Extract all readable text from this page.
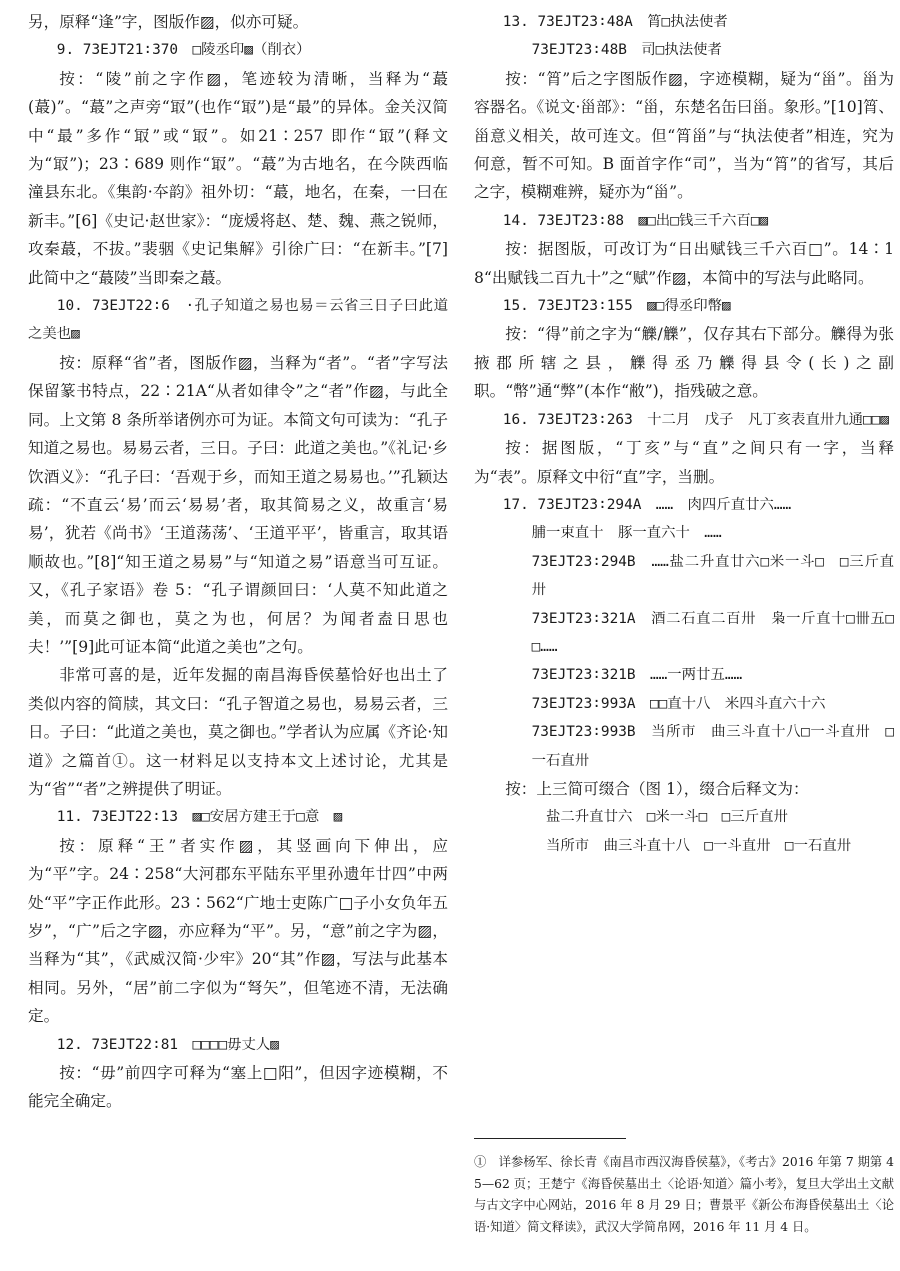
另，原释“逢”字，图版作▨，似亦可疑。

9. 73EJT21∶370　□陵丞印▨（削衣）

按：“陵”前之字作▨，笔迹较为清晰，当释为“蕞(蕞)”。“蕞”之声旁“冣”(也作“冣”)是“最”的异体。金关汉简中“最”多作“冣”或“冣”。如21∶257 即作“冣”(释文为“冣”)；23∶689 则作“冣”。“蕞”为古地名，在今陕西临潼县东北。《集韵·夲韵》祖外切：“蕞，地名，在秦，一曰在新丰。”[6]《史记·赵世家》：“庞煖将赵、楚、魏、燕之锐师，攻秦蕞，不拔。”裴骃《史记集解》引徐广曰：“在新丰。”[7]此简中之“蕞陵”当即秦之蕞。

10. 73EJT22∶6　·孔子知道之易也易＝云省三日子曰此道之美也▨

按：原释“省”者，图版作▨，当释为“者”。“者”字写法保留篆书特点，22∶21A“从者如律令”之“者”作▨，与此全同。上文第 8 条所举诸例亦可为证。本简文句可读为：“孔子知道之易也。易易云者，三日。子曰：此道之美也。”《礼记·乡饮酒义》：“孔子曰：‘吾观于乡，而知王道之易易也。’”孔颖达疏：“不直云‘易’而云‘易易’者，取其简易之义，故重言‘易易’，犹若《尚书》‘王道荡荡’、‘王道平平’，皆重言，取其语顺故也。”[8]“知王道之易易”与“知道之易”语意当可互证。又，《孔子家语》卷 5：“孔子谓颜回曰：‘人莫不知此道之美，而莫之御也，莫之为也，何居？为闻者盍日思也夫！’”[9]此可证本简“此道之美也”之句。

非常可喜的是，近年发掘的南昌海昏侯墓恰好也出土了类似内容的简牍，其文曰：“孔子智道之易也，易易云者，三日。子曰：“此道之美也，莫之御也。”学者认为应属《齐论·知道》之篇首①。这一材料足以支持本文上述讨论，尤其是为“省”“者”之辨提供了明证。

11. 73EJT22∶13　▨□安居方建王于□意　▨

按：原释“王”者实作▨，其竖画向下伸出，应为“平”字。24∶258“大河郡东平陆东平里孙遗年廿四”中两处“平”字正作此形。23∶562“广地士吏陈广□子小女负年五岁”，“广”后之字▨，亦应释为“平”。另，“意”前之字为▨，当释为“其”，《武威汉简·少牢》20“其”作▨，写法与此基本相同。另外，“居”前二字似为“弩矢”，但笔迹不清，无法确定。

12. 73EJT22∶81　□□□□毋丈人▨

按：“毋”前四字可释为“塞上□阳”，但因字迹模糊，不能完全确定。

13. 73EJT23∶48A　筲□执法使者

73EJT23∶48B　司□执法使者

按：“筲”后之字图版作▨，字迹模糊，疑为“甾”。甾为容器名。《说文·甾部》：“甾，东楚名缶曰甾。象形。”[10]筲、甾意义相关，故可连文。但“筲甾”与“执法使者”相连，究为何意，暂不可知。B 面首字作“司”，当为“筲”的省写，其后之字，模糊难辨，疑亦为“甾”。

14. 73EJT23∶88　▨□出□钱三千六百□▨

按：据图版，可改订为“日出赋钱三千六百□”。14∶18“出赋钱二百九十”之“赋”作▨，本简中的写法与此略同。

15. 73EJT23∶155　▨□得丞印幣▨

按：“得”前之字为“觻/觻”，仅存其右下部分。觻得为张掖郡所辖之县，觻得丞乃觻得县令(长)之副职。“幣”通“弊”(本作“敝”)，指残破之意。

16. 73EJT23∶263　十二月　戊子　凡丁亥表直卅九通□□▨

按：据图版，“丁亥”与“直”之间只有一字，当释为“表”。原释文中衍“直”字，当删。

17. 73EJT23∶294A　……　肉四斤直廿六……

脯一束直十　豚一直六十　……

73EJT23∶294B　……盐二升直廿六□米一斗□　□三斤直卅

73EJT23∶321A　酒二石直二百卅　枭一斤直十□卌五□□……

73EJT23∶321B　……一两廿五……

73EJT23∶993A　□□直十八　米四斗直六十六

73EJT23∶993B　当所市　曲三斗直十八□一斗直卅　□一石直卅

按：上三简可缀合（图 1），缀合后释文为：

盐二升直廿六　□米一斗□　□三斤直卅

当所市　曲三斗直十八　□一斗直卅　□一石直卅

①　详参杨军、徐长青《南昌市西汉海昏侯墓》，《考古》2016 年第 7 期第 45—62 页；王楚宁《海昏侯墓出土〈论语·知道〉篇小考》，复旦大学出土文献与古文字中心网站，2016 年 8 月 29 日；曹景平《新公布海昏侯墓出土〈论语·知道〉简文释读》，武汉大学简帛网，2016 年 11 月 4 日。
